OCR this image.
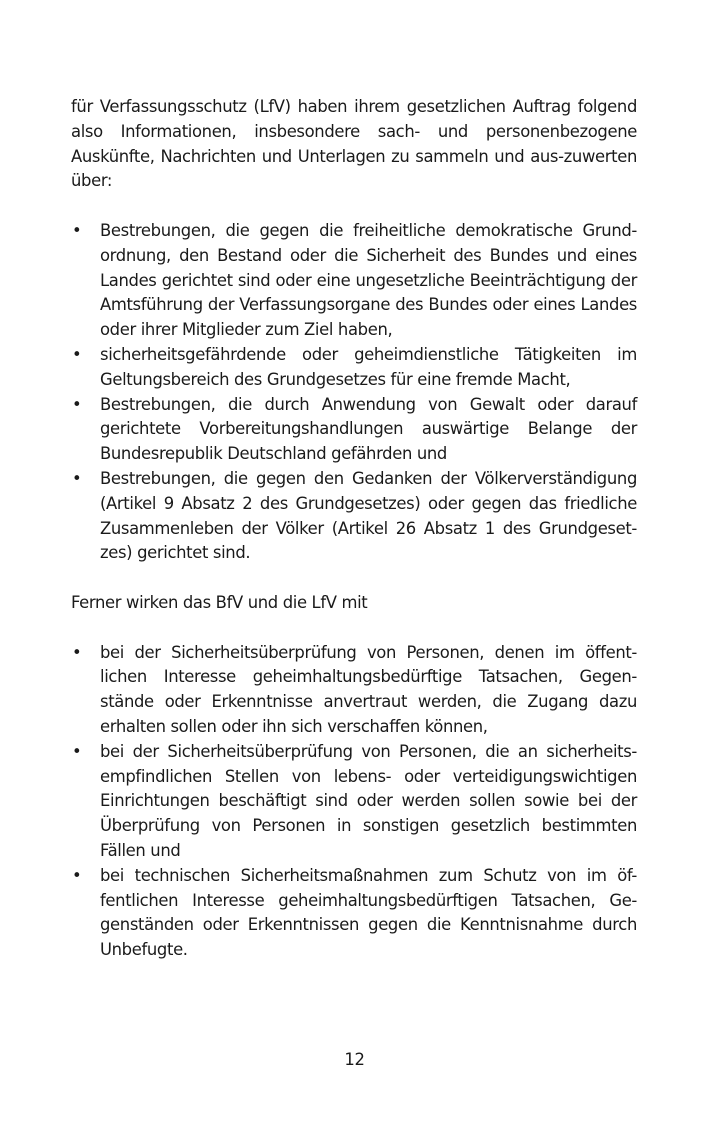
für Verfassungsschutz (LfV) haben ihrem gesetzlichen Auftrag folgend also Informationen, insbesondere sach- und personenbezogene Auskünfte, Nachrichten und Unterlagen zu sammeln und aus-zuwerten über:

• Bestrebungen, die gegen die freiheitliche demokratische Grund-ordnung, den Bestand oder die Sicherheit des Bundes und eines Landes gerichtet sind oder eine ungesetzliche Beeinträchtigung der Amtsführung der Verfassungsorgane des Bundes oder eines Landes oder ihrer Mitglieder zum Ziel haben,
• sicherheitsgefährdende oder geheimdienstliche Tätigkeiten im Geltungsbereich des Grundgesetzes für eine fremde Macht,
• Bestrebungen, die durch Anwendung von Gewalt oder darauf gerichtete Vorbereitungshandlungen auswärtige Belange der Bundesrepublik Deutschland gefährden und
• Bestrebungen, die gegen den Gedanken der Völkerverständigung (Artikel 9 Absatz 2 des Grundgesetzes) oder gegen das friedliche Zusammenleben der Völker (Artikel 26 Absatz 1 des Grundgeset-zes) gerichtet sind.

Ferner wirken das BfV und die LfV mit

• bei der Sicherheitsüberprüfung von Personen, denen im öffent-lichen Interesse geheimhaltungsbedürftige Tatsachen, Gegen-stände oder Erkenntnisse anvertraut werden, die Zugang dazu erhalten sollen oder ihn sich verschaffen können,
• bei der Sicherheitsüberprüfung von Personen, die an sicherheits-empfindlichen Stellen von lebens- oder verteidigungswichtigen Einrichtungen beschäftigt sind oder werden sollen sowie bei der Überprüfung von Personen in sonstigen gesetzlich bestimmten Fällen und
• bei technischen Sicherheitsmaßnahmen zum Schutz von im öf-fentlichen Interesse geheimhaltungsbedürftigen Tatsachen, Ge-genständen oder Erkenntnissen gegen die Kenntnisnahme durch Unbefugte.
12
